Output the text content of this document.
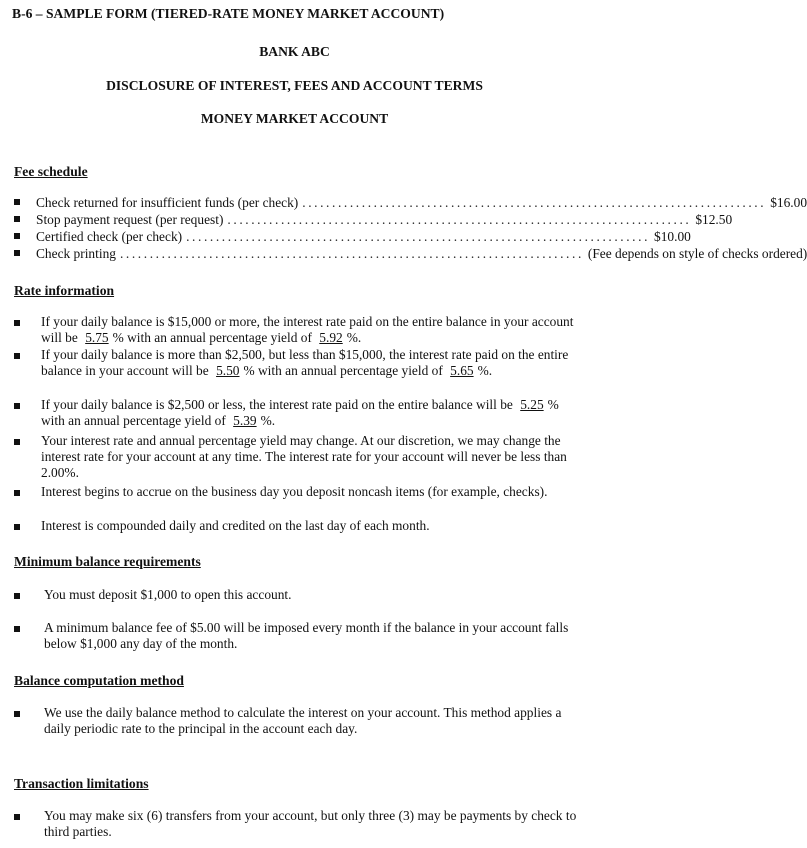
B-6 – SAMPLE FORM (TIERED-RATE MONEY MARKET ACCOUNT)
BANK ABC
DISCLOSURE OF INTEREST, FEES AND ACCOUNT TERMS
MONEY MARKET ACCOUNT
Fee schedule
Check returned for insufficient funds (per check) .............................................................................. $16.00
Stop payment request (per request) .............................................................................. $12.50
Certified check (per check) .............................................................................. $10.00
Check printing .............................................................................. (Fee depends on style of checks ordered)
Rate information
If your daily balance is $15,000 or more, the interest rate paid on the entire balance in your account will be 5.75 % with an annual percentage yield of 5.92 %.
If your daily balance is more than $2,500, but less than $15,000, the interest rate paid on the entire balance in your account will be 5.50 % with an annual percentage yield of 5.65 %.
If your daily balance is $2,500 or less, the interest rate paid on the entire balance will be 5.25 % with an annual percentage yield of 5.39 %.
Your interest rate and annual percentage yield may change. At our discretion, we may change the interest rate for your account at any time. The interest rate for your account will never be less than 2.00%.
Interest begins to accrue on the business day you deposit noncash items (for example, checks).
Interest is compounded daily and credited on the last day of each month.
Minimum balance requirements
You must deposit $1,000 to open this account.
A minimum balance fee of $5.00 will be imposed every month if the balance in your account falls below $1,000 any day of the month.
Balance computation method
We use the daily balance method to calculate the interest on your account. This method applies a daily periodic rate to the principal in the account each day.
Transaction limitations
You may make six (6) transfers from your account, but only three (3) may be payments by check to third parties.
